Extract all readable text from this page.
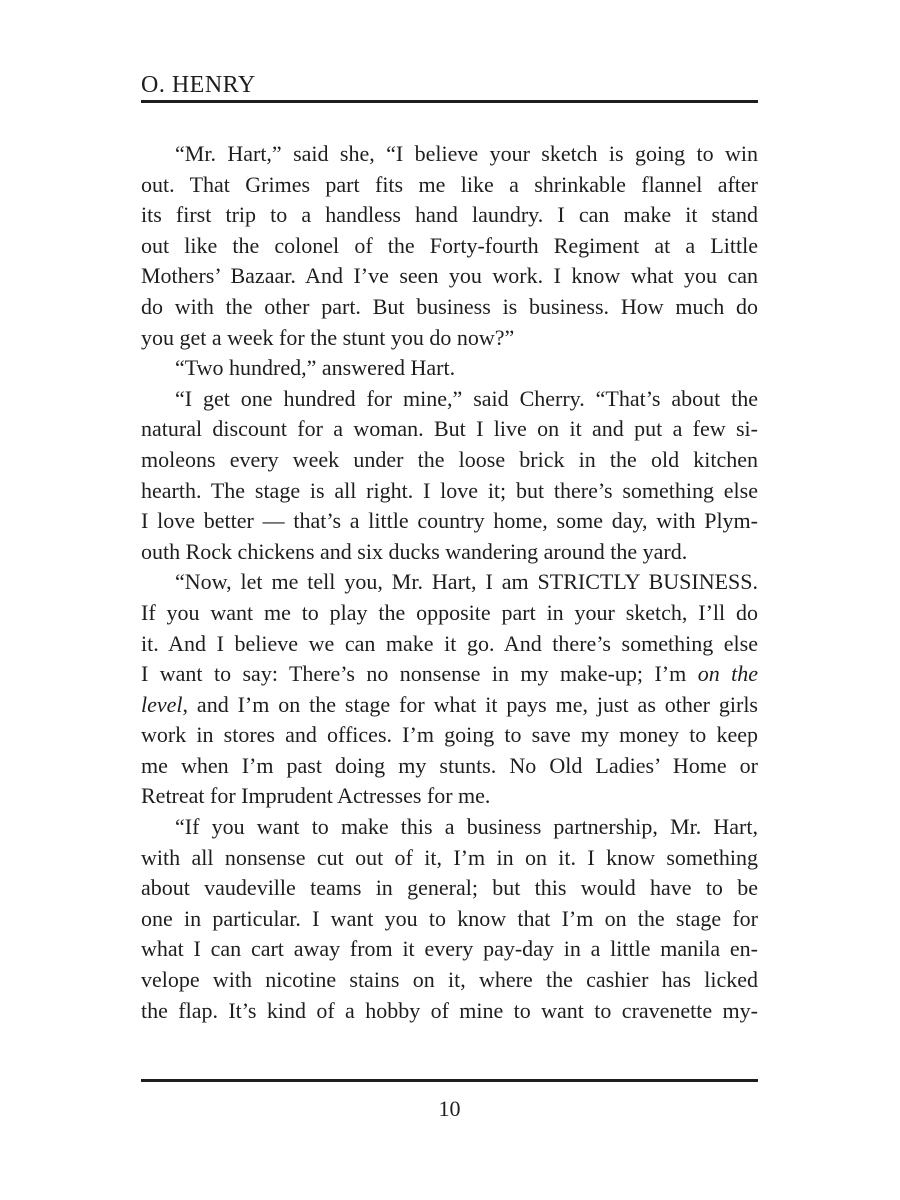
O. HENRY
“Mr. Hart,” said she, “I believe your sketch is going to win
out. That Grimes part fits me like a shrinkable flannel after
its first trip to a handless hand laundry. I can make it stand
out like the colonel of the Forty-fourth Regiment at a Little
Mothers’ Bazaar. And I’ve seen you work. I know what you can
do with the other part. But business is business. How much do
you get a week for the stunt you do now?”
“Two hundred,” answered Hart.
“I get one hundred for mine,” said Cherry. “That’s about the
natural discount for a woman. But I live on it and put a few si-
moleons every week under the loose brick in the old kitchen
hearth. The stage is all right. I love it; but there’s something else
I love better — that’s a little country home, some day, with Plym-
outh Rock chickens and six ducks wandering around the yard.
“Now, let me tell you, Mr. Hart, I am STRICTLY BUSINESS.
If you want me to play the opposite part in your sketch, I’ll do
it. And I believe we can make it go. And there’s something else
I want to say: There’s no nonsense in my make-up; I’m on the
level, and I’m on the stage for what it pays me, just as other girls
work in stores and offices. I’m going to save my money to keep
me when I’m past doing my stunts. No Old Ladies’ Home or
Retreat for Imprudent Actresses for me.
“If you want to make this a business partnership, Mr. Hart,
with all nonsense cut out of it, I’m in on it. I know something
about vaudeville teams in general; but this would have to be
one in particular. I want you to know that I’m on the stage for
what I can cart away from it every pay-day in a little manila en-
velope with nicotine stains on it, where the cashier has licked
the flap. It’s kind of a hobby of mine to want to cravenette my-
10
